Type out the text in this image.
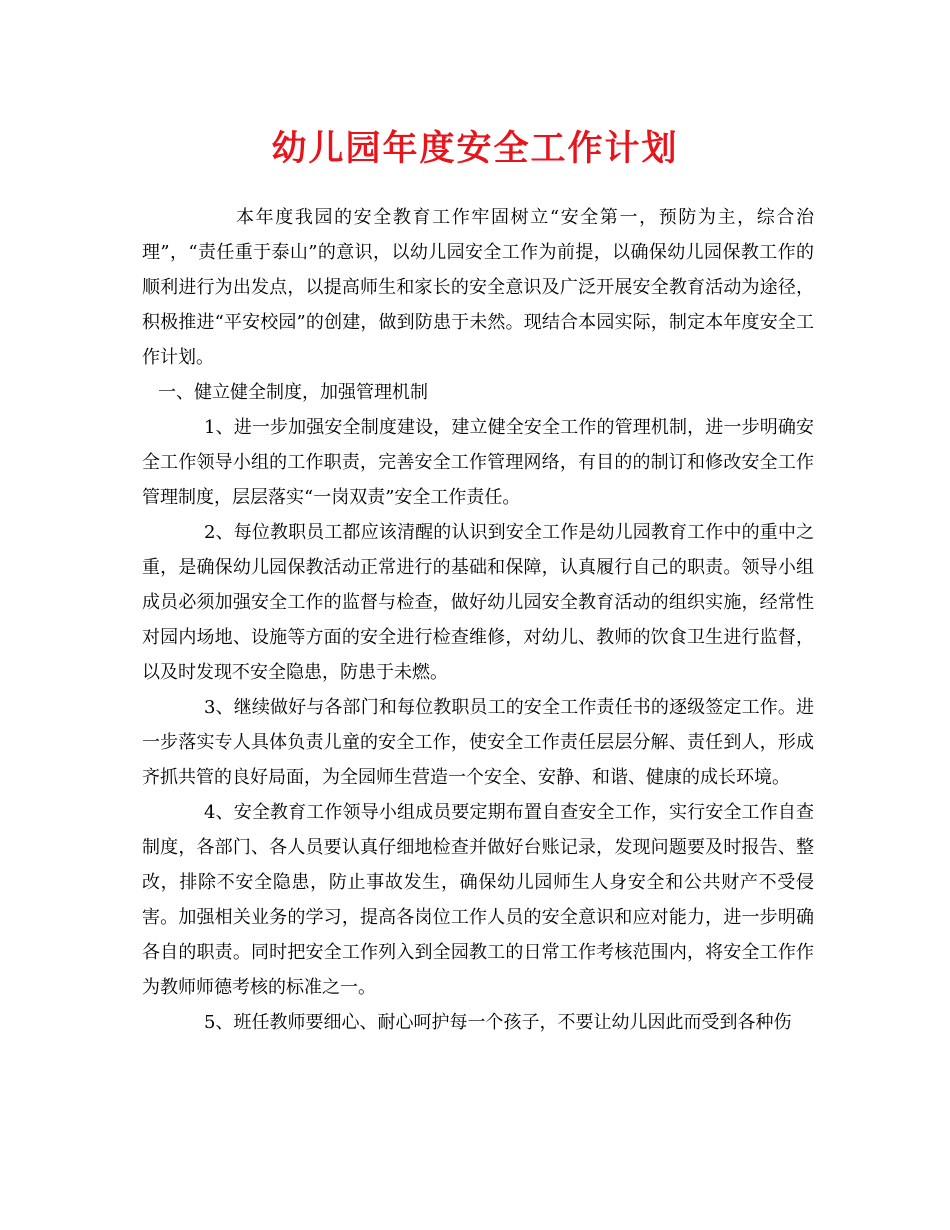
幼儿园年度安全工作计划

本年度我园的安全教育工作牢固树立“安全第一，预防为主，综合治理”，“责任重于泰山”的意识，以幼儿园安全工作为前提，以确保幼儿园保教工作的顺利进行为出发点，以提高师生和家长的安全意识及广泛开展安全教育活动为途径，积极推进“平安校园”的创建，做到防患于未然。现结合本园实际，制定本年度安全工作计划。

一、健立健全制度，加强管理机制

1、进一步加强安全制度建设，建立健全安全工作的管理机制，进一步明确安全工作领导小组的工作职责，完善安全工作管理网络，有目的的制订和修改安全工作管理制度，层层落实“一岗双责”安全工作责任。

2、每位教职员工都应该清醒的认识到安全工作是幼儿园教育工作中的重中之重，是确保幼儿园保教活动正常进行的基础和保障，认真履行自己的职责。领导小组成员必须加强安全工作的监督与检查，做好幼儿园安全教育活动的组织实施，经常性对园内场地、设施等方面的安全进行检查维修，对幼儿、教师的饮食卫生进行监督，以及时发现不安全隐患，防患于未燃。

3、继续做好与各部门和每位教职员工的安全工作责任书的逐级签定工作。进一步落实专人具体负责儿童的安全工作，使安全工作责任层层分解、责任到人，形成齐抓共管的良好局面，为全园师生营造一个安全、安静、和谐、健康的成长环境。

4、安全教育工作领导小组成员要定期布置自查安全工作，实行安全工作自查制度，各部门、各人员要认真仔细地检查并做好台账记录，发现问题要及时报告、整改，排除不安全隐患，防止事故发生，确保幼儿园师生人身安全和公共财产不受侵害。加强相关业务的学习，提高各岗位工作人员的安全意识和应对能力，进一步明确各自的职责。同时把安全工作列入到全园教工的日常工作考核范围内，将安全工作作为教师师德考核的标准之一。

5、班任教师要细心、耐心呵护每一个孩子，不要让幼儿因此而受到各种伤
